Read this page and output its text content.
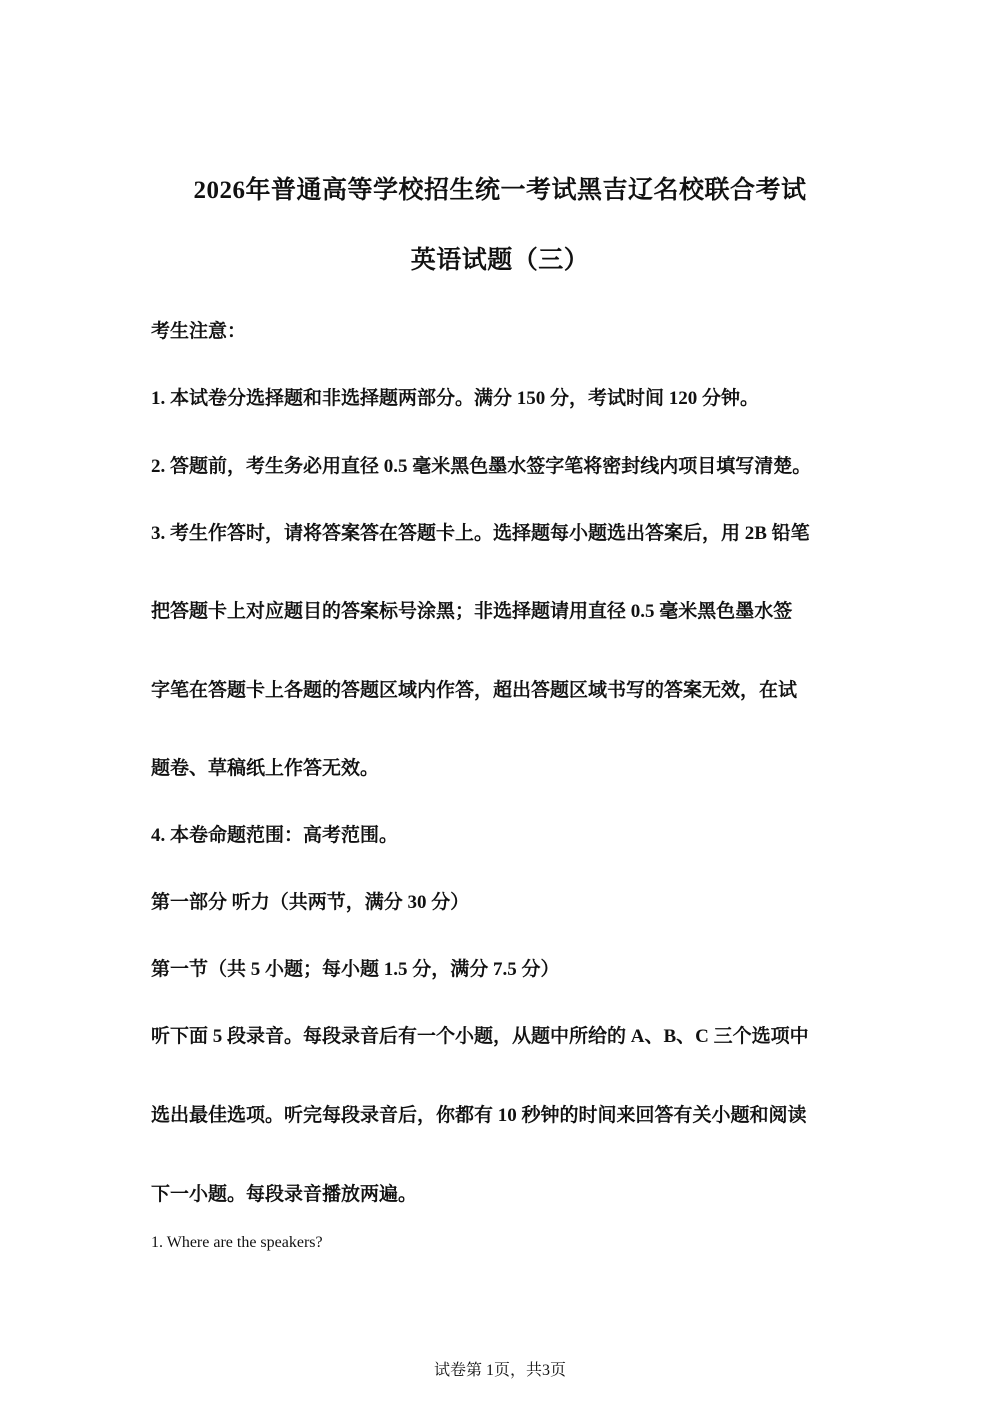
2026年普通高等学校招生统一考试黑吉辽名校联合考试
英语试题（三）
考生注意：
1. 本试卷分选择题和非选择题两部分。满分 150 分，考试时间 120 分钟。
2. 答题前，考生务必用直径 0.5 毫米黑色墨水签字笔将密封线内项目填写清楚。
3. 考生作答时，请将答案答在答题卡上。选择题每小题选出答案后，用 2B 铅笔
把答题卡上对应题目的答案标号涂黑；非选择题请用直径 0.5 毫米黑色墨水签
字笔在答题卡上各题的答题区域内作答，超出答题区域书写的答案无效，在试
题卷、草稿纸上作答无效。
4. 本卷命题范围：高考范围。
第一部分 听力（共两节，满分 30 分）
第一节（共 5 小题；每小题 1.5 分，满分 7.5 分）
听下面 5 段录音。每段录音后有一个小题，从题中所给的 A、B、C 三个选项中
选出最佳选项。听完每段录音后，你都有 10 秒钟的时间来回答有关小题和阅读
下一小题。每段录音播放两遍。
1. Where are the speakers?
试卷第 1页，共3页
